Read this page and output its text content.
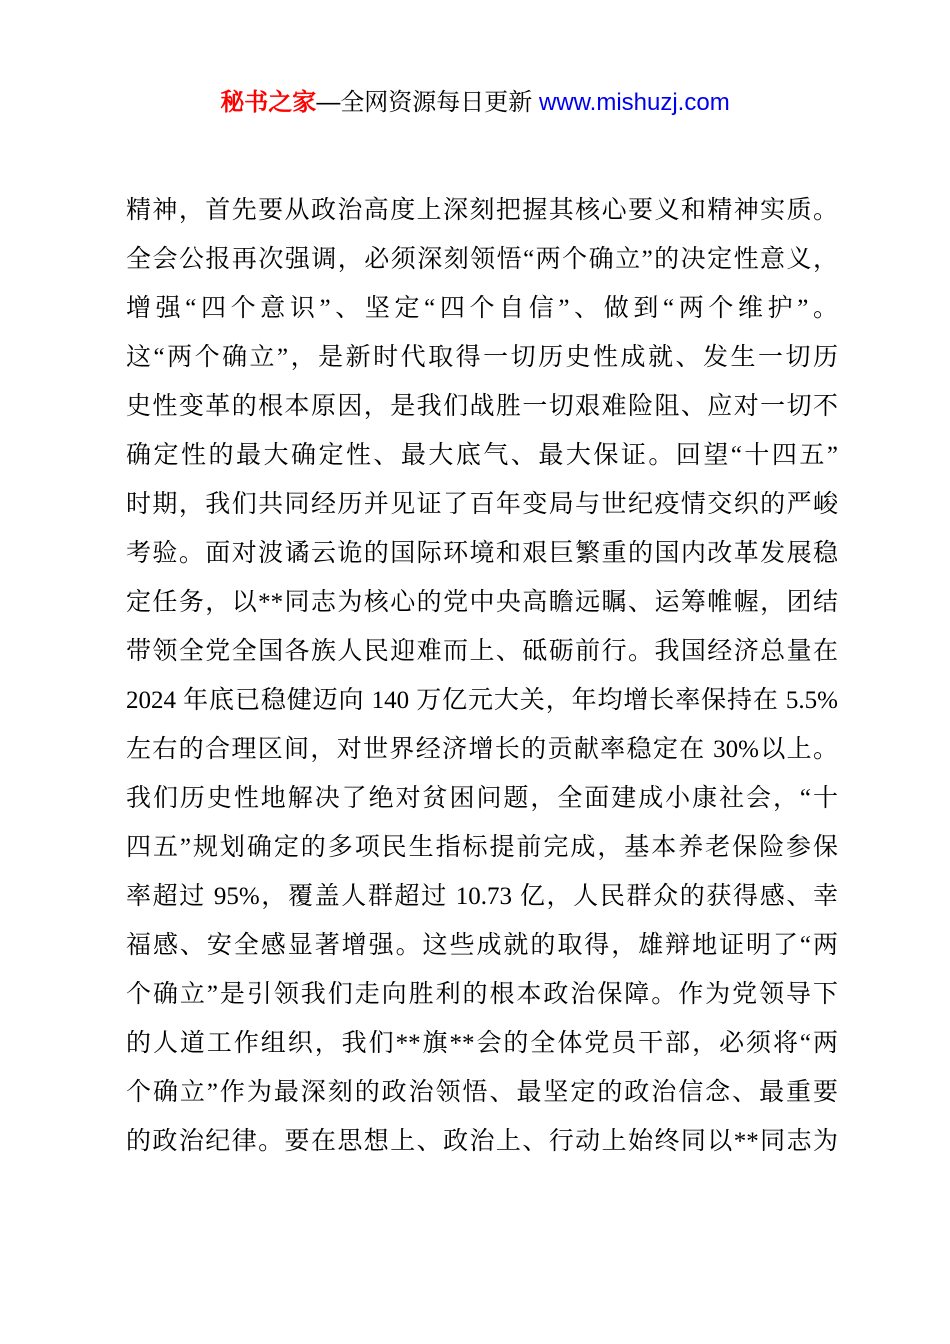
秘书之家—全网资源每日更新 www.mishuzj.com
精神，首先要从政治高度上深刻把握其核心要义和精神实质。
全会公报再次强调，必须深刻领悟“两个确立”的决定性意义，
增强“四个意识”、坚定“四个自信”、做到“两个维护”。
这“两个确立”，是新时代取得一切历史性成就、发生一切历
史性变革的根本原因，是我们战胜一切艰难险阻、应对一切不
确定性的最大确定性、最大底气、最大保证。回望“十四五”
时期，我们共同经历并见证了百年变局与世纪疫情交织的严峻
考验。面对波谲云诡的国际环境和艰巨繁重的国内改革发展稳
定任务，以**同志为核心的党中央高瞻远瞩、运筹帷幄，团结
带领全党全国各族人民迎难而上、砥砺前行。我国经济总量在
2024 年底已稳健迈向 140 万亿元大关，年均增长率保持在 5.5%
左右的合理区间，对世界经济增长的贡献率稳定在 30%以上。
我们历史性地解决了绝对贫困问题，全面建成小康社会，“十
四五”规划确定的多项民生指标提前完成，基本养老保险参保
率超过 95%，覆盖人群超过 10.73 亿，人民群众的获得感、幸
福感、安全感显著增强。这些成就的取得，雄辩地证明了“两
个确立”是引领我们走向胜利的根本政治保障。作为党领导下
的人道工作组织，我们**旗**会的全体党员干部，必须将“两
个确立”作为最深刻的政治领悟、最坚定的政治信念、最重要
的政治纪律。要在思想上、政治上、行动上始终同以**同志为
